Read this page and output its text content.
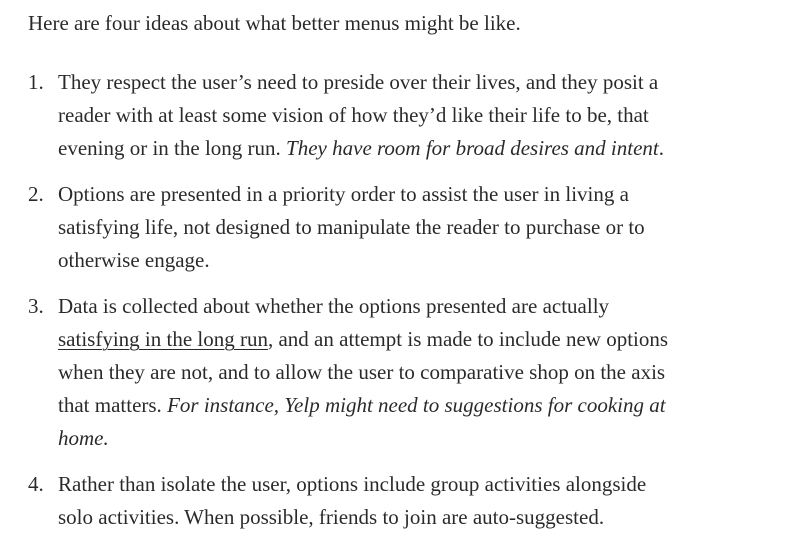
Here are four ideas about what better menus might be like.

1. They respect the user’s need to preside over their lives, and they posit a
reader with at least some vision of how they’d like their life to be, that
evening or in the long run. They have room for broad desires and intent.
2. Options are presented in a priority order to assist the user in living a
satisfying life, not designed to manipulate the reader to purchase or to
otherwise engage.
3. Data is collected about whether the options presented are actually
satisfying in the long run, and an attempt is made to include new options
when they are not, and to allow the user to comparative shop on the axis
that matters. For instance, Yelp might need to suggestions for cooking at
home.
4. Rather than isolate the user, options include group activities alongside
solo activities. When possible, friends to join are auto-suggested.
